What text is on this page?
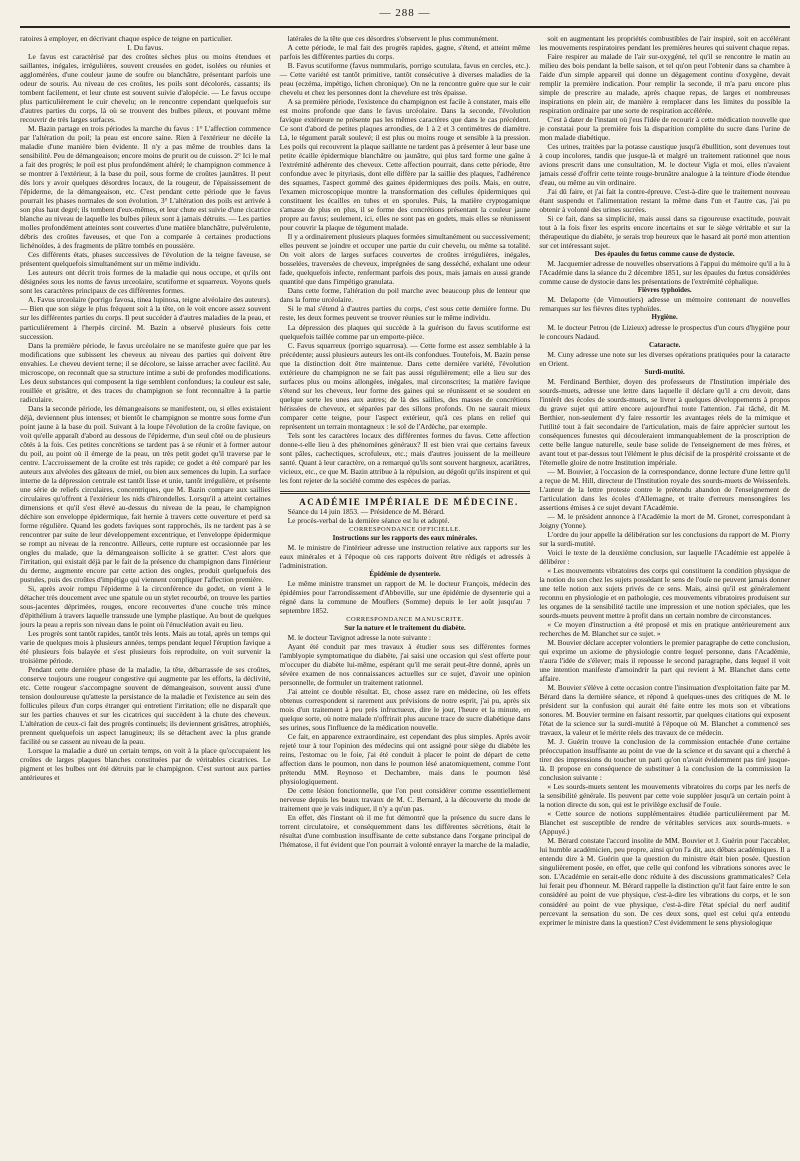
— 288 —

ratoires à employer, en décrivant chaque espèce de teigne en particulier.

I. Du favus.

Le favus est caractérisé par des croûtes sèches plus ou moins étendues et saillantes, inégales, irrégulières, souvent creusées en godet, isolées ou réunies et agglomérées, d'une couleur jaune de soufre ou blanchâtre, présentant parfois une odeur de souris. Au niveau de ces croûtes, les poils sont décolorés, cassants; ils tombent facilement, et leur chute est souvent suivie d'alopécie. — Le favus occupe plus particulièrement le cuir chevelu; on le rencontre cependant quelquefois sur d'autres parties du corps, là où se trouvent des bulbes pileux, et pouvant même recouvrir de très larges surfaces.

M. Bazin partage en trois périodes la marche du favus : 1° L'affection commence par l'altération du poil; la peau est encore saine. Rien à l'extérieur ne décèle la maladie d'une manière bien évidente. Il n'y a pas même de troubles dans la sensibilité. Peu de démangeaison; encore moins de prurit ou de cuisson. 2° Ici le mal a fait des progrès; le poil est plus profondément altéré; le champignon commence à se montrer à l'extérieur, à la base du poil, sous forme de croûtes jaunâtres. Il peut dès lors y avoir quelques désordres locaux, de la rougeur, de l'épaississement de l'épiderme, de la démangeaison, etc. C'est pendant cette période que le favus pourrait les phases normales de son évolution. 3° L'altération des poils est arrivée à son plus haut degré; ils tombent d'eux-mêmes, et leur chute est suivie d'une cicatrice blanche au niveau de laquelle les bulbes pileux sont à jamais détruits. — Les parties molles profondément atteintes sont couvertes d'une matière blanchâtre, pulvérulente, débris des croûtes faveuses, et que l'on a comparée à certaines productions lichénoïdes, à des fragments de plâtre tombés en poussière.

Ces différents états, phases successives de l'évolution de la teigne faveuse, se présentent quelquefois simultanément sur un même individu.

Les auteurs ont décrit trois formes de la maladie qui nous occupe, et qu'ils ont désignées sous les noms de favus urceolaire, scutiforme et squarreux. Voyons quels sont les caractères principaux de ces différentes formes.

A. Favus urceolaire (porrigo favosa, tinea lupinosa, teigne alvéolaire des auteurs). — Bien que son siège le plus fréquent soit à la tête, on le voit encore assez souvent sur les différentes parties du corps. Il peut succéder à d'autres maladies de la peau, et particulièrement à l'herpès circiné. M. Bazin a observé plusieurs fois cette succession.

Dans la première période, le favus urcéolaire ne se manifeste guère que par les modifications que subissent les cheveux au niveau des parties qui doivent être envahies. Le cheveu devient terne; il se décolore, se laisse arracher avec facilité. Au microscope, on reconnaît que sa structure intime a subi de profondes modifications. Les deux substances qui composent la tige semblent confondues; la couleur est sale, rouillée et grisâtre, et des traces du champignon se font reconnaître à la partie radiculaire.

Dans la seconde période, les démangeaisons se manifestent, ou, si elles existaient déjà, deviennent plus intenses; et bientôt le champignon se montre sous forme d'un point jaune à la base du poil. Suivant à la loupe l'évolution de la croûte favique, on voit qu'elle apparaît d'abord au dessous de l'épiderme, d'un seul côté ou de plusieurs côtés à la fois. Ces petites concrétions se tardent pas à se réunir et à former autour du poil, au point où il émerge de la peau, un très petit godet qu'il traverse par le centre. L'accroissement de la croûte est très rapide; ce godet a été comparé par les auteurs aux alvéoles des gâteaux de miel, ou bien aux semences du lupin. La surface interne de la dépression centrale est tantôt lisse et unie, tantôt irrégulière, et présente une série de reliefs circulaires, concentriques, que M. Bazin compare aux saillies circulaires qu'offrent à l'extérieur les nids d'hirondelles. Lorsqu'il a atteint certaines dimensions et qu'il s'est élevé au-dessus du niveau de la peau, le champignon déchire son enveloppe épidermique, fait hernie à travers cette ouverture et perd sa forme régulière. Quand les godets faviques sont rapprochés, ils ne tardent pas à se rencontrer par suite de leur développement excentrique, et l'enveloppe épidermique se rompt au niveau de la rencontre. Ailleurs, cette rupture est occasionnée par les ongles du malade, que la démangeaison sollicite à se gratter. C'est alors que l'irritation, qui existait déjà par le fait de la présence du champignon dans l'intérieur du derme, augmente encore par cette action des ongles, produit quelquefois des pustules, puis des croûtes d'impétigo qui viennent compliquer l'affection première.

Si, après avoir rompu l'épiderme à la circonférence du godet, on vient à le détacher très doucement avec une spatule ou un stylet recourbé, on trouve les parties sous-jacentes déprimées, rouges, encore recouvertes d'une couche très mince d'épithélium à travers laquelle transsude une lymphe plastique. Au bout de quelques jours la peau a repris son niveau dans le point où l'énucléation avait eu lieu.

Les progrès sont tantôt rapides, tantôt très lents. Mais au total, après un temps qui varie de quelques mois à plusieurs années, temps pendant lequel l'éruption favique a été plusieurs fois balayée et s'est plusieurs fois reproduite, on voit survenir la troisième période.

Pendant cette dernière phase de la maladie, la tête, débarrassée de ses croûtes, conserve toujours une rougeur congestive qui augmente par les efforts, la déclivité, etc. Cette rougeur s'accompagne souvent de démangeaison, souvent aussi d'une tension douloureuse qu'atteste la persistance de la maladie et l'existence au sein des follicules pileux d'un corps étranger qui entretient l'irritation; elle ne disparaît que sur les parties chauves et sur les cicatrices qui succèdent à la chute des cheveux. L'altération de ceux-ci fait des progrès continuels; ils deviennent grisâtres, atrophiés, prennent quelquefois un aspect lanugineux; ils se détachent avec la plus grande facilité ou se cassent au niveau de la peau.

Lorsque la maladie a duré un certain temps, on voit à la place qu'occupaient les croûtes de larges plaques blanches constituées par de véritables cicatrices. Le pigment et les bulbes ont été détruits par le champignon. C'est surtout aux parties antérieures et

latérales de la tête que ces désordres s'observent le plus communément.

A cette période, le mal fait des progrès rapides, gagne, s'étend, et atteint même parfois les différentes parties du corps.

B. Favus scutiforme (favus nummularis, porrigo scutulata, favus en cercles, etc.). — Cette variété est tantôt primitive, tantôt consécutive à diverses maladies de la peau (eczéma, impétigo, lichen chronique). On ne la rencontre guère que sur le cuir chevelu et chez les personnes dont la chevelure est très épaisse.

A sa première période, l'existence du champignon est facile à constater, mais elle est moins profonde que dans le favus urcéolaire. Dans la seconde, l'évolution favique extérieure ne présente pas les mêmes caractères que dans le cas précédent. Ce sont d'abord de petites plaques arrondies, de 1 à 2 et 3 centimètres de diamètre. Là, le tégument paraît soulevé; il est plus ou moins rouge et sensible à la pression. Les poils qui recouvrent la plaque saillante ne tardent pas à présenter à leur base une petite écaille épidermique blanchâtre ou jaunâtre, qui plus tard forme une gaîne à l'extrémité adhérente des cheveux. Cette affection pourrait, dans cette période, être confondue avec le pityriasis, dont elle diffère par la saillie des plaques, l'adhérence des squames, l'aspect gommé des gaines épidermiques des poils. Mais, en outre, l'examen microscopique montre la transformation des cellules épidermiques qui constituent les écailles en tubes et en sporules. Puis, la matière cryptogamique s'amasse de plus en plus, il se forme des concrétions présentant la couleur jaune propre au favus; seulement, ici, elles ne sont pas en godets, mais elles se réunissent pour couvrir la plaque de tégument malade.

Il y a ordinairement plusieurs plaques formées simultanément ou successivement; elles peuvent se joindre et occuper une partie du cuir chevelu, ou même sa totalité. On voit alors de larges surfaces couvertes de croûtes irrégulières, inégales, bosselées, traversées de cheveux, imprégnées de sang desséché, exhalant une odeur fade, quelquefois infecte, renfermant parfois des poux, mais jamais en aussi grande quantité que dans l'impétigo granulata.

Dans cette forme, l'altération du poil marche avec beaucoup plus de lenteur que dans la forme urcéolaire.

Si le mal s'étend à d'autres parties du corps, c'est sous cette dernière forme. Du reste, les deux formes peuvent se trouver réunies sur le même individu.

La dépression des plaques qui succède à la guérison du favus scutiforme est quelquefois taillée comme par un emporte-pièce.

C. Favus squarreux (porrigo squarrosa). — Cette forme est assez semblable à la précédente; aussi plusieurs auteurs les ont-ils confondues. Toutefois, M. Bazin pense que la distinction doit être maintenue. Dans cette dernière variété, l'évolution extérieure du champignon ne se fait pas aussi régulièrement; elle a lieu sur des surfaces plus ou moins allongées, inégales, mal circonscrites; la matière favique s'étend sur les cheveux, leur forme des gaines qui se réunissent et se soudent en quelque sorte les unes aux autres; de là des saillies, des masses de concrétions hérissées de cheveux, et séparées par des sillons profonds. On ne saurait mieux comparer cette teigne, pour l'aspect extérieur, qu'à ces plans en relief qui représentent un terrain montagneux : le sol de l'Ardèche, par exemple.

Tels sont les caractères locaux des différentes formes du favus. Cette affection donne-t-elle lieu à des phénomènes généraux? Il est bien vrai que certains faveux sont pâles, cachectiques, scrofuleux, etc.; mais d'autres jouissent de la meilleure santé. Quant à leur caractère, on a remarqué qu'ils sont souvent hargneux, acariâtres, vicieux, etc., ce que M. Bazin attribue à la répulsion, au dégoût qu'ils inspirent et qui les font rejeter de la société comme des espèces de parias.

ACADÉMIE IMPÉRIALE DE MÉDECINE.

Séance du 14 juin 1853. — Présidence de M. Bérard.

Le procès-verbal de la dernière séance est lu et adopté.

CORRESPONDANCE OFFICIELLE.

Instructions sur les rapports des eaux minérales.

M. le ministre de l'intérieur adresse une instruction relative aux rapports sur les eaux minérales et à l'époque où ces rapports doivent être rédigés et adressés à l'administration.

Épidémie de dysenterie.

Le même ministre transmet un rapport de M. le docteur François, médecin des épidémies pour l'arrondissement d'Abbeville, sur une épidémie de dysenterie qui a régné dans la commune de Mouflers (Somme) depuis le 1er août jusqu'au 7 septembre 1852.

CORRESPONDANCE MANUSCRITE.

Sur la nature et le traitement du diabète.

M. le docteur Tavignot adresse la note suivante :

Ayant été conduit par mes travaux à étudier sous ses différentes formes l'amblyopie symptomatique du diabète, j'ai saisi une occasion qui s'est offerte pour m'occuper du diabète lui-même, espérant qu'il me serait peut-être donné, après un sévère examen de nos connaissances actuelles sur ce sujet, d'avoir une opinion personnelle, de formuler un traitement rationnel.

J'ai atteint ce double résultat. Et, chose assez rare en médecine, où les effets obtenus correspondent si rarement aux prévisions de notre esprit, j'ai pu, après six mois d'un traitement à peu près infructueux, dire le jour, l'heure et la minute, en quelque sorte, où notre malade n'offrirait plus aucune trace de sucre diabétique dans ses urines, sous l'influence de la médication nouvelle.

Ce fait, en apparence extraordinaire, est cependant des plus simples. Après avoir rejeté tour à tour l'opinion des médecins qui ont assigné pour siège du diabète les reins, l'estomac ou le foie, j'ai été conduit à placer le point de départ de cette affection dans le poumon, non dans le poumon lésé anatomiquement, comme l'ont prétendu MM. Reynoso et Dechambre, mais dans le poumon lésé physiologiquement.

De cette lésion fonctionnelle, que l'on peut considérer comme essentiellement nerveuse depuis les beaux travaux de M. C. Bernard, à la découverte du mode de traitement que je vais indiquer, il n'y a qu'un pas.

En effet, dès l'instant où il me fut démontré que la présence du sucre dans le torrent circulatoire, et conséquemment dans les différentes sécrétions, était le résultat d'une combustion insuffisante de cette substance dans l'organe principal de l'hématose, il fut évident que l'on pourrait à volonté enrayer la marche de la maladie,

soit en augmentant les propriétés combustibles de l'air inspiré, soit en accélérant les mouvements respiratoires pendant les premières heures qui suivent chaque repas.

Faire respirer au malade de l'air sur-oxygéné, tel qu'il se rencontre le matin au milieu des bois pendant la belle saison, et tel qu'on peut l'obtenir dans sa chambre à l'aide d'un simple appareil qui donne un dégagement continu d'oxygène, devait remplir la première indication. Pour remplir la seconde, il m'a paru encore plus simple de prescrire au malade, après chaque repas, de larges et nombreuses inspirations en plein air, de manière à remplacer dans les limites du possible la respiration ordinaire par une sorte de respiration accélérée.

C'est à dater de l'instant où j'eus l'idée de recourir à cette médication nouvelle que je constatai pour la première fois la disparition complète du sucre dans l'urine de mon malade diabétique.

Ces urines, traitées par la potasse caustique jusqu'à ébullition, sont devenues tout à coup incolores, tandis que jusque-là et malgré un traitement rationnel que nous avions prescrit dans une consultation, M. le docteur Vigla et moi, elles n'avaient jamais cessé d'offrir cette teinte rouge-brunâtre analogue à la teinture d'iode étendue d'eau, ou même au vin ordinaire.

J'ai dû faire, et j'ai fait la contre-épreuve. C'est-à-dire que le traitement nouveau étant suspendu et l'alimentation restant la même dans l'un et l'autre cas, j'ai pu obtenir à volonté des urines sucrées.

Si ce fait, dans sa simplicité, mais aussi dans sa rigoureuse exactitude, pouvait tout à la fois fixer les esprits encore incertains et sur le siège véritable et sur la thérapeutique du diabète, je serais trop heureux que le hasard ait porté mon attention sur cet intéressant sujet.

Des épaules du fœtus comme cause de dystocie.

M. Jacquemier adresse de nouvelles observations à l'appui du mémoire qu'il a lu à l'Académie dans la séance du 2 décembre 1851, sur les épaules du fœtus considérées comme cause de dystocie dans les présentations de l'extrémité céphalique.

Fièvres typhoïdes.

M. Delaporte (de Vimoutiers) adresse un mémoire contenant de nouvelles remarques sur les fièvres dites typhoïdes.

Hygiène.

M. le docteur Petrou (de Lizieux) adresse le prospectus d'un cours d'hygiène pour le concours Nadaud.

Cataracte.

M. Cuny adresse une note sur les diverses opérations pratiquées pour la cataracte en Orient.

Surdi-mutité.

M. Ferdinand Berthier, doyen des professeurs de l'Institution impériale des sourds-muets, adresse une lettre dans laquelle il déclare qu'il a cru devoir, dans l'intérêt des écoles de sourds-muets, se livrer à quelques développements à propos du grave sujet qui attire encore aujourd'hui toute l'attention. J'ai tâché, dit M. Berthier, non-seulement d'y faire ressortir les avantages réels de la mimique et l'utilité tout à fait secondaire de l'articulation, mais de faire apprécier surtout les conséquences funestes qui découleraient immanquablement de la proscription de cette belle langue naturelle, seule base solide de l'enseignement de mes frères, et avant tout et par-dessus tout l'élément le plus décisif de la prospérité croissante et de l'éternelle gloire de notre Institution impériale.

— M. Bouvier, à l'occasion de la correspondance, donne lecture d'une lettre qu'il a reçue de M. Hill, directeur de l'Institution royale des sourds-muets de Weissenfels. L'auteur de la lettre proteste contre le prétendu abandon de l'enseignement de l'articulation dans les écoles d'Allemagne, et traite d'erreurs mensongères les assertions émises à ce sujet devant l'Académie.

— M. le président annonce à l'Académie la mort de M. Gronet, correspondant à Joigny (Yonne).

L'ordre du jour appelle la délibération sur les conclusions du rapport de M. Piorry sur la surdi-mutité.

Voici le texte de la deuxième conclusion, sur laquelle l'Académie est appelée à délibérer :

« Les mouvements vibratoires des corps qui constituent la condition physique de la notion du son chez les sujets possédant le sens de l'ouïe ne peuvent jamais donner une telle notion aux sujets privés de ce sens. Mais, ainsi qu'il est généralement reconnu en physiologie et en pathologie, ces mouvements vibratoires produisent sur les organes de la sensibilité tactile une impression et une notion spéciales, que les sourds-muets peuvent mettre à profit dans un certain nombre de circonstances.

« Ce moyen d'instruction a été proposé et mis en pratique antérieurement aux recherches de M. Blanchet sur ce sujet. »

M. Bouvier déclare accepter volontiers le premier paragraphe de cette conclusion, qui exprime un axiome de physiologie contre lequel personne, dans l'Académie, n'aura l'idée de s'élever; mais il repousse le second paragraphe, dans lequel il voit une intention manifeste d'amoindrir la part qui revient à M. Blanchet dans cette affaire.

M. Bouvier s'élève à cette occasion contre l'insinuation d'exploitation faite par M. Bérard dans la dernière séance, et répond à quelques-unes des critiques de M. le président sur la confusion qui aurait été faite entre les mots son et vibrations sonores. M. Bouvier termine en faisant ressortir, par quelques citations qui exposent l'état de la science sur la surdi-mutité à l'époque où M. Blanchet a commencé ses travaux, la valeur et le mérite réels des travaux de ce médecin.

M. J. Guérin trouve la conclusion de la commission entachée d'une certaine préoccupation insuffisante au point de vue de la science et du savant qui a cherché à tirer des impressions du toucher un parti qu'on n'avait évidemment pas tiré jusque-là. Il propose en conséquence de substituer à la conclusion de la commission la conclusion suivante :

« Les sourds-muets sentent les mouvements vibratoires du corps par les nerfs de la sensibilité générale. Ils peuvent par cette voie suppléer jusqu'à un certain point à la notion directe du son, qui est le privilège exclusif de l'ouïe.

« Cette source de notions supplémentaires étudiée particulièrement par M. Blanchet est susceptible de rendre de véritables services aux sourds-muets. » (Appuyé.)

M. Bérard constate l'accord insolite de MM. Bouvier et J. Guérin pour l'accabler, lui humble académicien, peu propre, ainsi qu'on l'a dit, aux débats académiques. Il a entendu dire à M. Guérin que la question du ministre était bien posée. Question singulièrement posée, en effet, que celle qui confond les vibrations sonores avec le son. L'Académie en serait-elle donc réduite à des discussions grammaticales? Cela lui ferait peu d'honneur. M. Bérard rappelle la distinction qu'il faut faire entre le son considéré au point de vue physique, c'est-à-dire les vibrations du corps, et le son considéré au point de vue physique, c'est-à-dire l'état spécial du nerf auditif percevant la sensation du son. De ces deux sons, quel est celui qu'a entendu exprimer le ministre dans la question? C'est évidemment le sens physiologique
